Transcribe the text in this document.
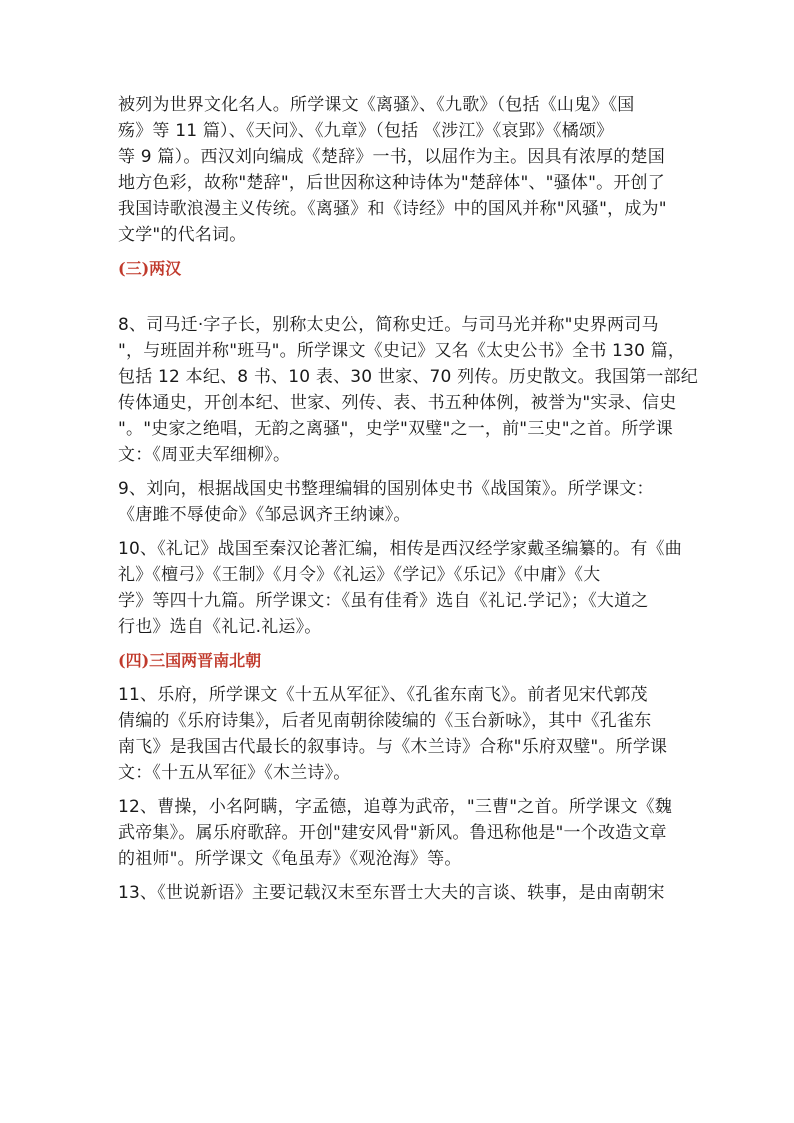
被列为世界文化名人。所学课文《离骚》、《九歌》（包括《山鬼》《国
殇》等 11 篇）、《天问》、《九章》（包括 《涉江》《哀郢》《橘颂》
等 9 篇）。西汉刘向编成《楚辞》一书，以屈作为主。因具有浓厚的楚国
地方色彩，故称"楚辞"，后世因称这种诗体为"楚辞体"、"骚体"。开创了
我国诗歌浪漫主义传统。《离骚》和《诗经》中的国风并称"风骚"，成为"
文学"的代名词。
(三)两汉
8、司马迁·字子长，别称太史公，简称史迁。与司马光并称"史界两司马
"，与班固并称"班马"。所学课文《史记》又名《太史公书》全书 130 篇，
包括 12 本纪、8 书、10 表、30 世家、70 列传。历史散文。我国第一部纪
传体通史，开创本纪、世家、列传、表、书五种体例，被誉为"实录、信史
"。"史家之绝唱，无韵之离骚"，史学"双璧"之一，前"三史"之首。所学课
文：《周亚夫军细柳》。
9、刘向，根据战国史书整理编辑的国别体史书《战国策》。所学课文：
《唐雎不辱使命》《邹忌讽齐王纳谏》。
10、《礼记》战国至秦汉论著汇编，相传是西汉经学家戴圣编纂的。有《曲
礼》《檀弓》《王制》《月令》《礼运》《学记》《乐记》《中庸》《大
学》等四十九篇。所学课文：《虽有佳肴》选自《礼记.学记》；《大道之
行也》选自《礼记.礼运》。
(四)三国两晋南北朝
11、乐府，所学课文《十五从军征》、《孔雀东南飞》。前者见宋代郭茂
倩编的《乐府诗集》，后者见南朝徐陵编的《玉台新咏》，其中《孔雀东
南飞》是我国古代最长的叙事诗。与《木兰诗》合称"乐府双璧"。所学课
文：《十五从军征》《木兰诗》。
12、曹操，小名阿瞒，字孟德，追尊为武帝，"三曹"之首。所学课文《魏
武帝集》。属乐府歌辞。开创"建安风骨"新风。鲁迅称他是"一个改造文章
的祖师"。所学课文《龟虽寿》《观沧海》等。
13、《世说新语》主要记载汉末至东晋士大夫的言谈、轶事，是由南朝宋
